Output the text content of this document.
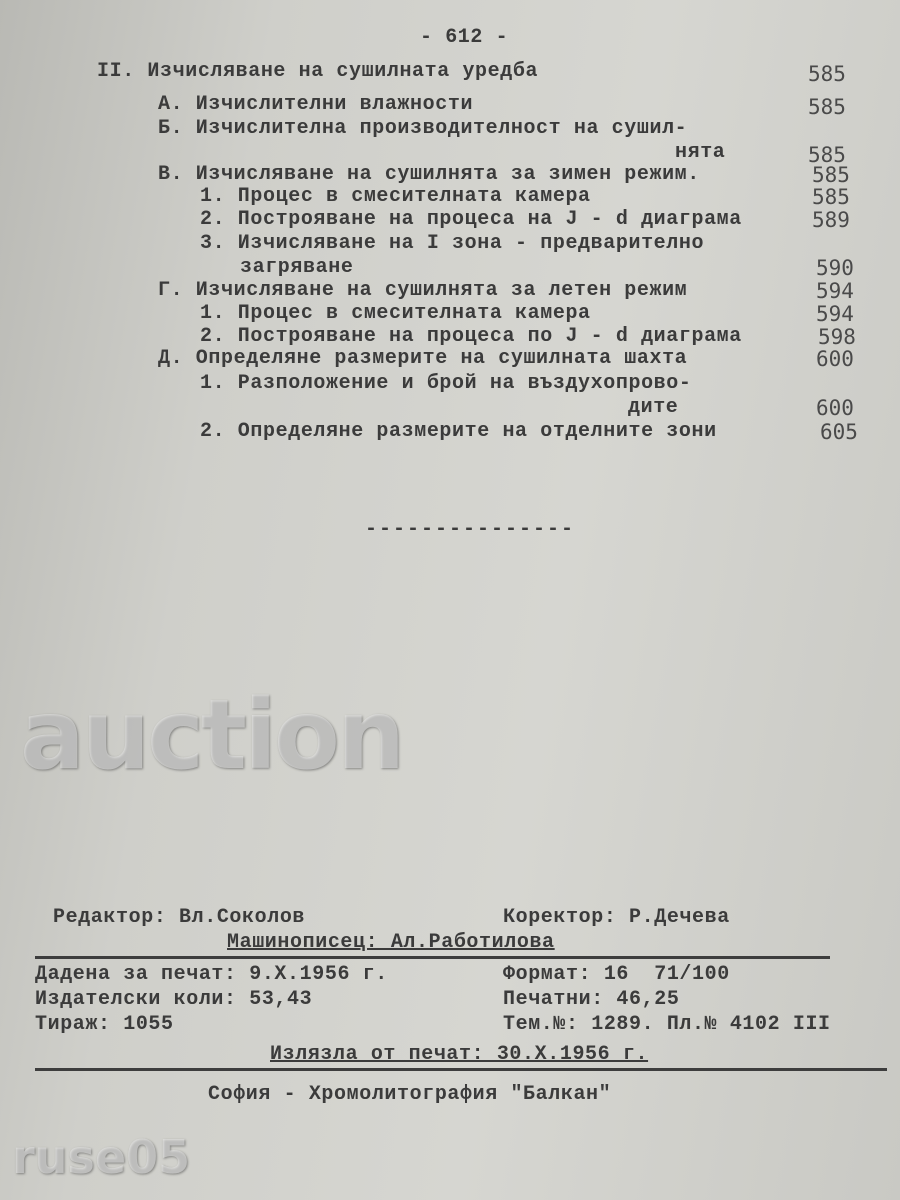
- 612 -
II. Изчисляване на сушилната уредба	585
А. Изчислителни влажности	585
Б. Изчислителна производителност на сушил-
нята	585
В. Изчисляване на сушилнята за зимен режим.	585
1. Процес в смесителната камера	585
2. Построяване на процеса на J - d диаграма	589
3. Изчисляване на I зона - предварително
загряване	590
Г. Изчисляване на сушилнята за летен режим	594
1. Процес в смесителната камера	594
2. Построяване на процеса по J - d диаграма	598
Д. Определяне размерите на сушилната шахта	600
1. Разположение и брой на въздухопрово-
дите	600
2. Определяне размерите на отделните зони	605
---------------
Редактор: Вл.Соколов	Коректор: Р.Дечева
Машинописец: Ал.Работилова
Дадена за печат: 9.X.1956 г.	Формат: 16  71/100
Издателски коли: 53,43	Печатни: 46,25
Тираж: 1055	Тем.№: 1289. Пл.№ 4102 III
Излязла от печат: 30.X.1956 г.
София - Хромолитография "Балкан"
auction
ruse05
